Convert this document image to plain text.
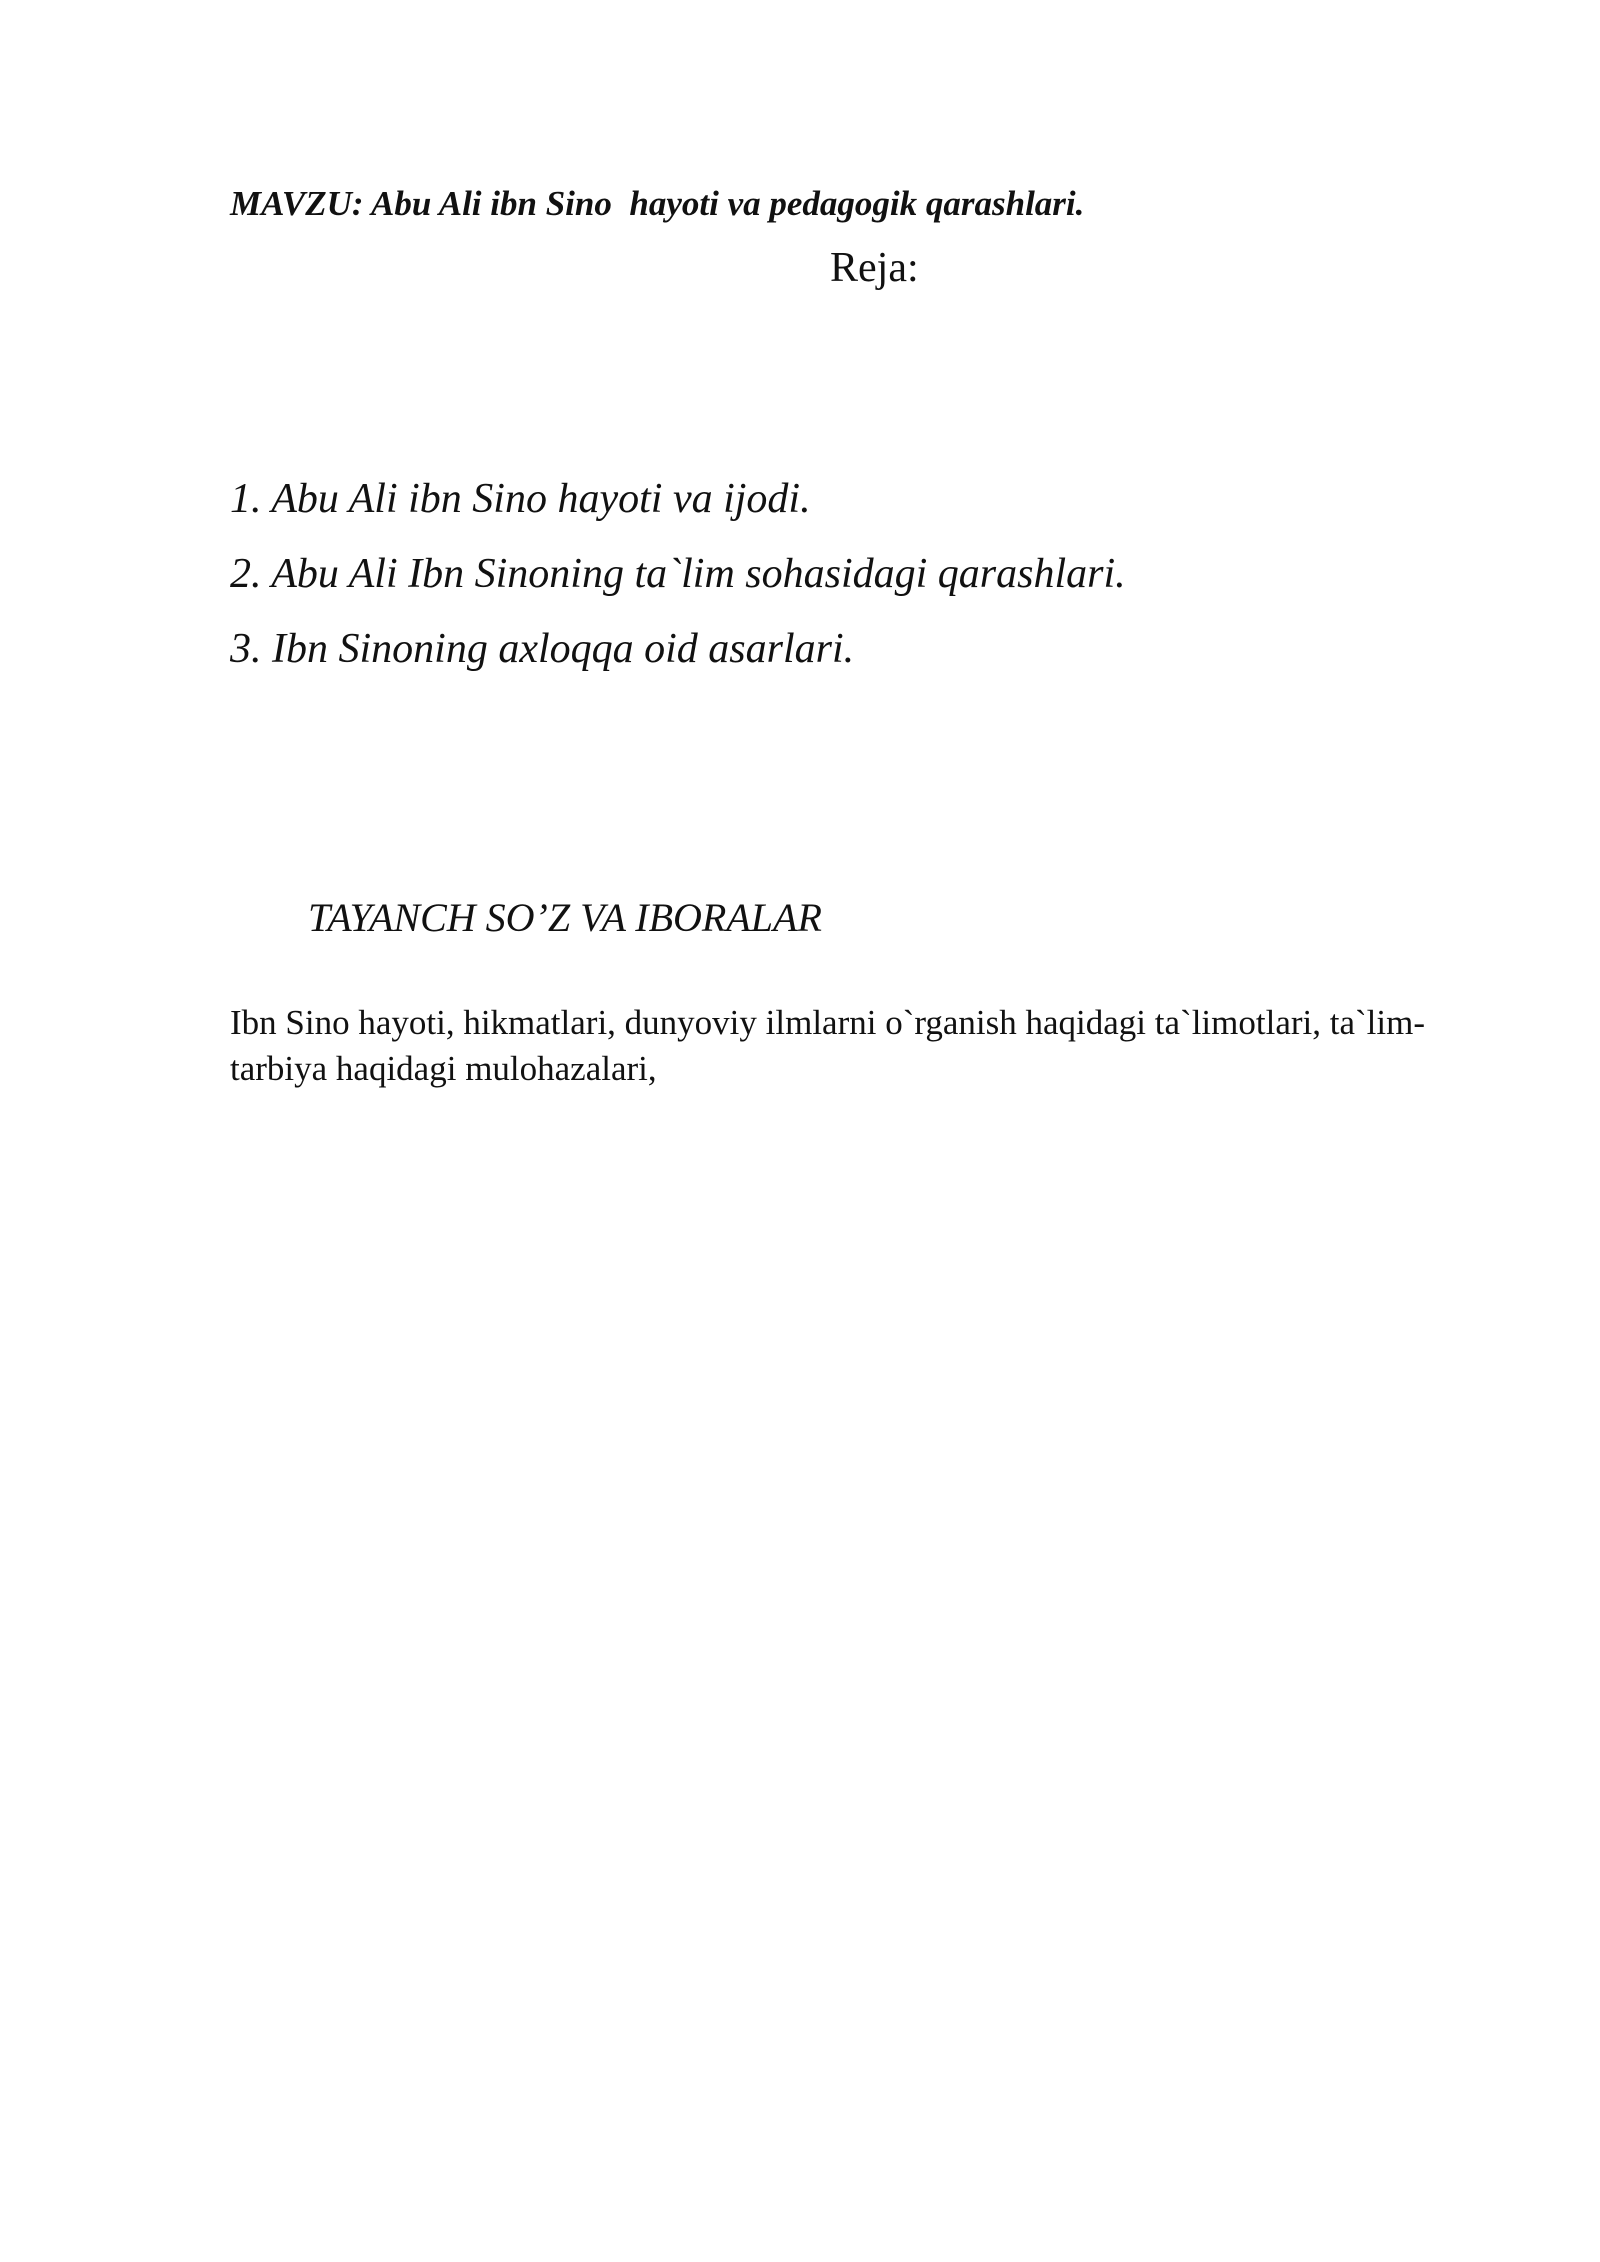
MAVZU: Abu Ali ibn Sino  hayoti va pedagogik qarashlari.
Reja:
1. Abu Ali ibn Sino hayoti va ijodi.
2. Abu Ali Ibn Sinoning ta`lim sohasidagi qarashlari.
3. Ibn Sinoning axloqqa oid asarlari.
TAYANCH SO’Z VA IBORALAR

Ibn Sino hayoti, hikmatlari, dunyoviy ilmlarni o`rganish haqidagi ta`limotlari, ta`lim-tarbiya haqidagi mulohazalari,
